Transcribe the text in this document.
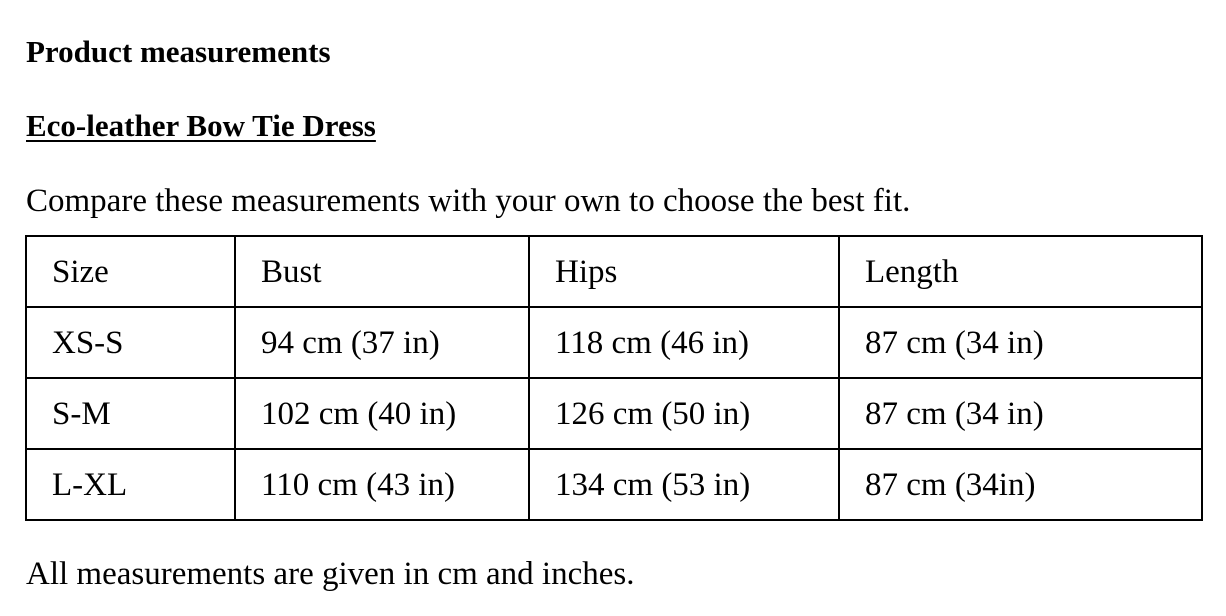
Product measurements
Eco-leather Bow Tie Dress
Compare these measurements with your own to choose the best fit.
Size	Bust	Hips	Length
XS-S	94 cm (37 in)	118 cm (46 in)	87 cm (34 in)
S-M	102 cm (40 in)	126 cm (50 in)	87 cm (34 in)
L-XL	110 cm (43 in)	134 cm (53 in)	87 cm (34in)
All measurements are given in cm and inches.
